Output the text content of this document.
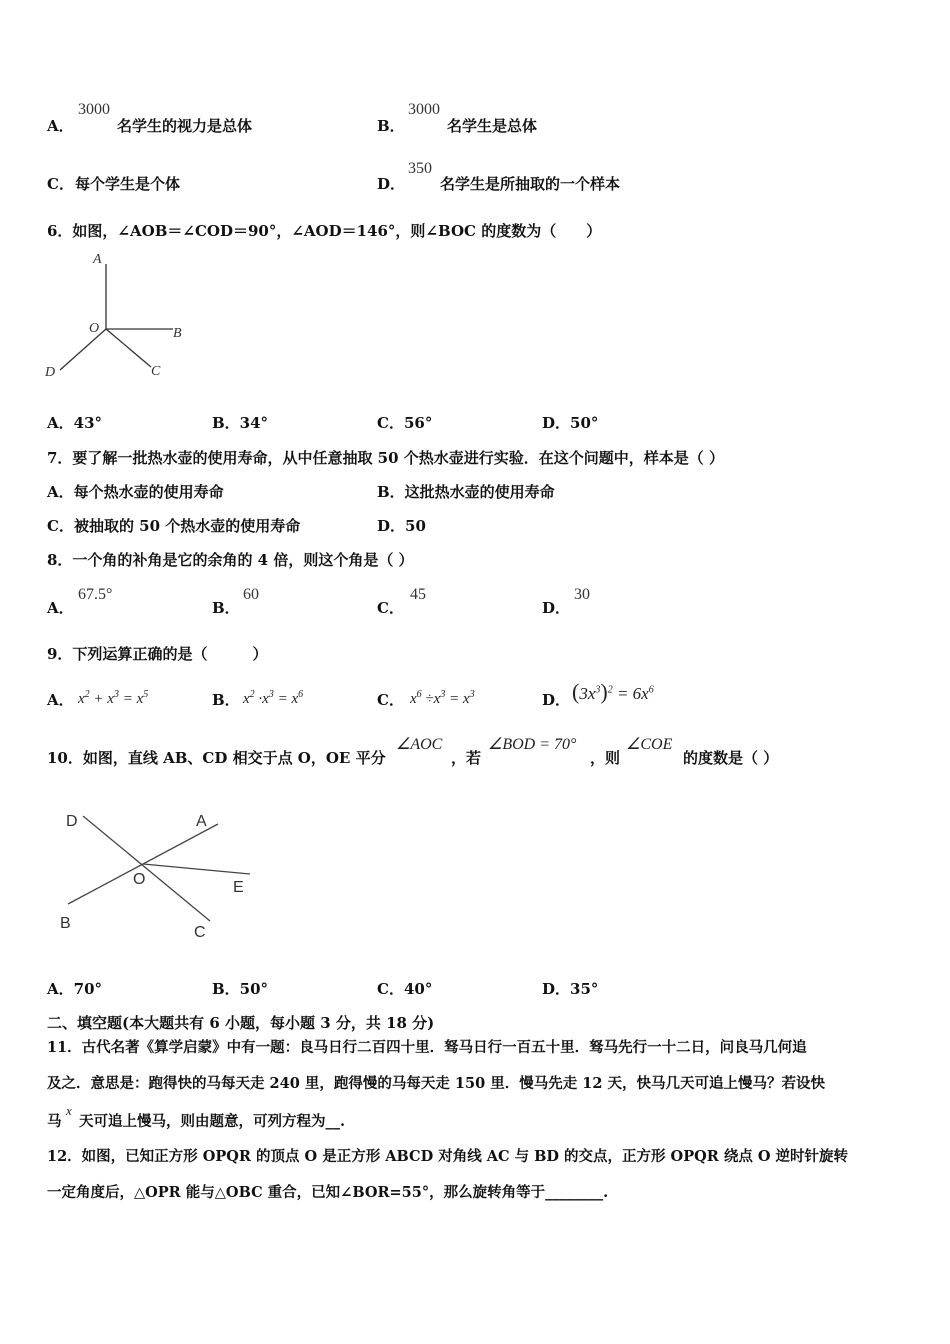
A．
3000
名学生的视力是总体	B．
3000
名学生是总体
C． 每个学生是个体	D．
350
名学生是所抽取的一个样本
6．如图，∠AOB＝∠COD＝90°，∠AOD＝146°，则∠BOC 的度数为（　　）
A
O	B
C
D
A．43°	B．34°	C．56°	D．50°
7．要了解一批热水壶的使用寿命，从中任意抽取 50 个热水壶进行实验．在这个问题中，样本是（ ）
A．每个热水壶的使用寿命	B．这批热水壶的使用寿命
C．被抽取的 50 个热水壶的使用寿命	D．50
8．一个角的补角是它的余角的 4 倍，则这个角是（ ）
A．
67.5°
B．
60
C．
45
D．
30
9．下列运算正确的是（　　　）
A． $x^2 + x^3 = x^5$	B． $x^2 \cdot x^3 = x^6$	C． $x^6 \div x^3 = x^3$	D． $(3x^3)^2 = 6x^6$
10．如图，直线 AB、CD 相交于点 O，OE 平分
∠AOC
，若
∠BOD = 70°
，则
∠COE
的度数是（ ）
D	A
O	E
B
C
A．70°	B．50°	C．40°	D．35°
二、填空题(本大题共有 6 小题，每小题 3 分，共 18 分)
11．古代名著《算学启蒙》中有一题：良马日行二百四十里．驽马日行一百五十里．驽马先行一十二日，问良马几何追
及之．意思是：跑得快的马每天走 240 里，跑得慢的马每天走 150 里．慢马先走 12 天，快马几天可追上慢马？若设快
马
x
天可追上慢马，则由题意，可列方程为__.
12．如图，已知正方形 OPQR 的顶点 O 是正方形 ABCD 对角线 AC 与 BD 的交点，正方形 OPQR 绕点 O 逆时针旋转
一定角度后，△OPR 能与△OBC 重合，已知∠BOR=55°，那么旋转角等于________.
